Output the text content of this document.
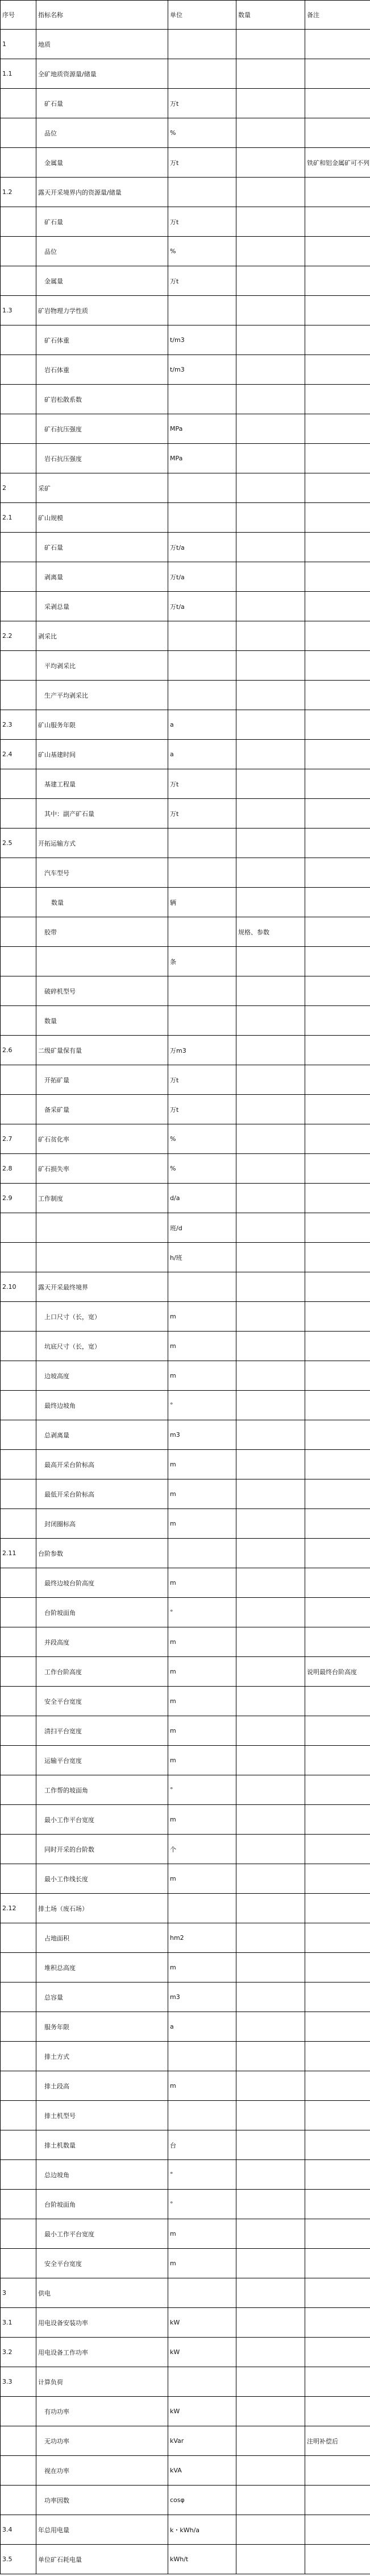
序号	指标名称	单位	数量	备注
1	地质			
1.1	全矿地质资源量/储量			
	矿石量	万t		
	品位	%		
	金属量	万t		铁矿和铝金属矿可不列
1.2	露天开采境界内的资源量/储量			
	矿石量	万t		
	品位	%		
	金属量	万t		
1.3	矿岩物理力学性质			
	矿石体重	t/m3		
	岩石体重	t/m3		
	矿岩松散系数			
	矿石抗压强度	MPa		
	岩石抗压强度	MPa		
2	采矿			
2.1	矿山规模			
	矿石量	万t/a		
	剥离量	万t/a		
	采剥总量	万t/a		
2.2	剥采比			
	平均剥采比			
	生产平均剥采比			
2.3	矿山服务年限	a		
2.4	矿山基建时间	a		
	基建工程量	万t		
	其中：副产矿石量	万t		
2.5	开拓运输方式			
	汽车型号			
	数量	辆		
	胶带		规格、参数	
		条		
	破碎机型号			
	数量			
2.6	二级矿量保有量	万m3		
	开拓矿量	万t		
	备采矿量	万t		
2.7	矿石贫化率	%		
2.8	矿石损失率	%		
2.9	工作制度	d/a		
		班/d		
		h/班		
2.10	露天开采最终境界			
	上口尺寸（长，宽）	m		
	坑底尺寸（长，宽）	m		
	边坡高度	m		
	最终边坡角	°		
	总剥离量	m3		
	最高开采台阶标高	m		
	最低开采台阶标高	m		
	封闭圈标高	m		
2.11	台阶参数			
	最终边坡台阶高度	m		
	台阶坡面角	°		
	并段高度	m		
	工作台阶高度	m		说明最终台阶高度
	安全平台宽度	m		
	清扫平台宽度	m		
	运输平台宽度	m		
	工作帮的坡面角	°		
	最小工作平台宽度	m		
	同时开采的台阶数	个		
	最小工作线长度	m		
2.12	排土场（废石场）			
	占地面积	hm2		
	堆积总高度	m		
	总容量	m3		
	服务年限	a		
	排土方式			
	排土段高	m		
	排土机型号			
	排土机数量	台		
	总边坡角	°		
	台阶坡面角	°		
	最小工作平台宽度	m		
	安全平台宽度	m		
3	供电			
3.1	用电设备安装功率	kW		
3.2	用电设备工作功率	kW		
3.3	计算负荷			
	有功功率	kW		
	无功功率	kVar		注明补偿后
	视在功率	kVA		
	功率因数	cosφ		
3.4	年总用电量	k・kWh/a		
3.5	单位矿石耗电量	kWh/t		
